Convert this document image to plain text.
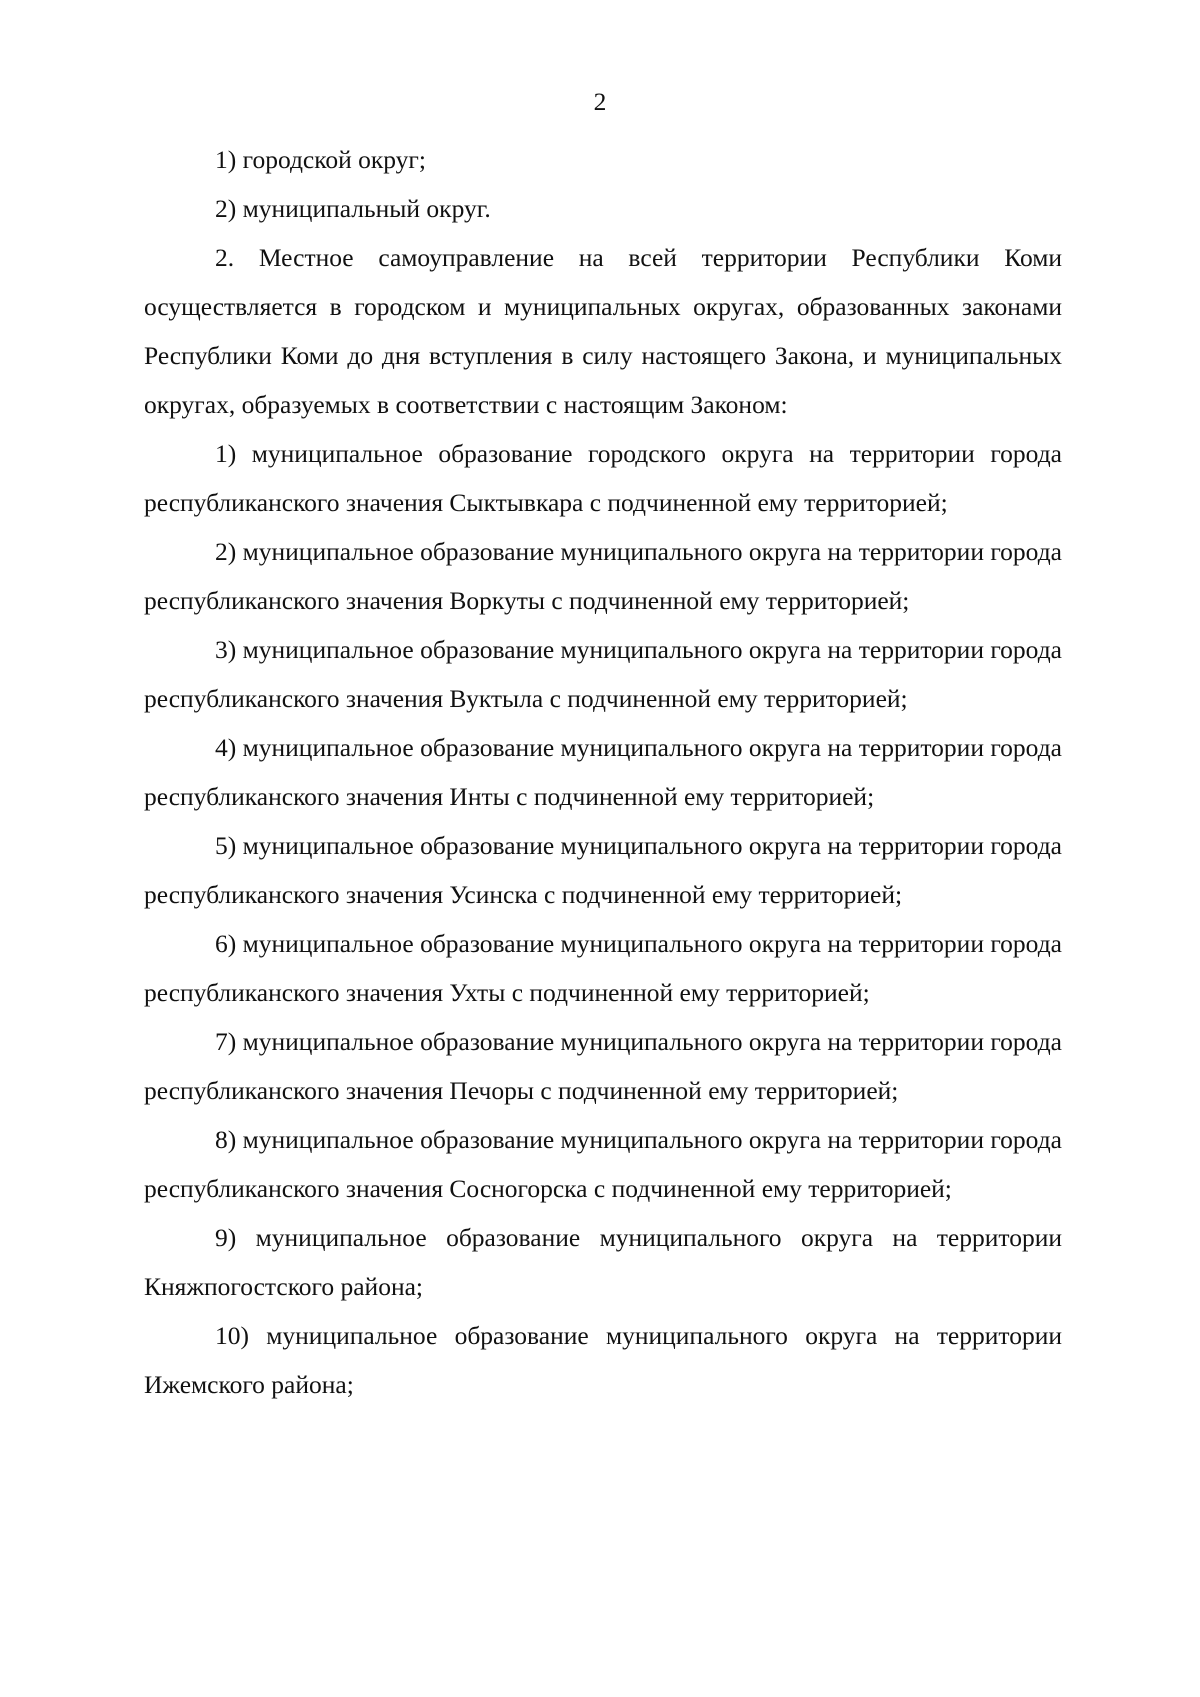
2

1) городской округ;

2) муниципальный округ.

2. Местное самоуправление на всей территории Республики Коми осуществляется в городском и муниципальных округах, образованных законами Республики Коми до дня вступления в силу настоящего Закона, и муниципальных округах, образуемых в соответствии с настоящим Законом:

1) муниципальное образование городского округа на территории города республиканского значения Сыктывкара с подчиненной ему территорией;

2) муниципальное образование муниципального округа на территории города республиканского значения Воркуты с подчиненной ему территорией;

3) муниципальное образование муниципального округа на территории города республиканского значения Вуктыла с подчиненной ему территорией;

4) муниципальное образование муниципального округа на территории города республиканского значения Инты с подчиненной ему территорией;

5) муниципальное образование муниципального округа на территории города республиканского значения Усинска с подчиненной ему территорией;

6) муниципальное образование муниципального округа на территории города республиканского значения Ухты с подчиненной ему территорией;

7) муниципальное образование муниципального округа на территории города республиканского значения Печоры с подчиненной ему территорией;

8) муниципальное образование муниципального округа на территории города республиканского значения Сосногорска с подчиненной ему территорией;

9) муниципальное образование муниципального округа на территории Княжпогостского района;

10) муниципальное образование муниципального округа на территории Ижемского района;
